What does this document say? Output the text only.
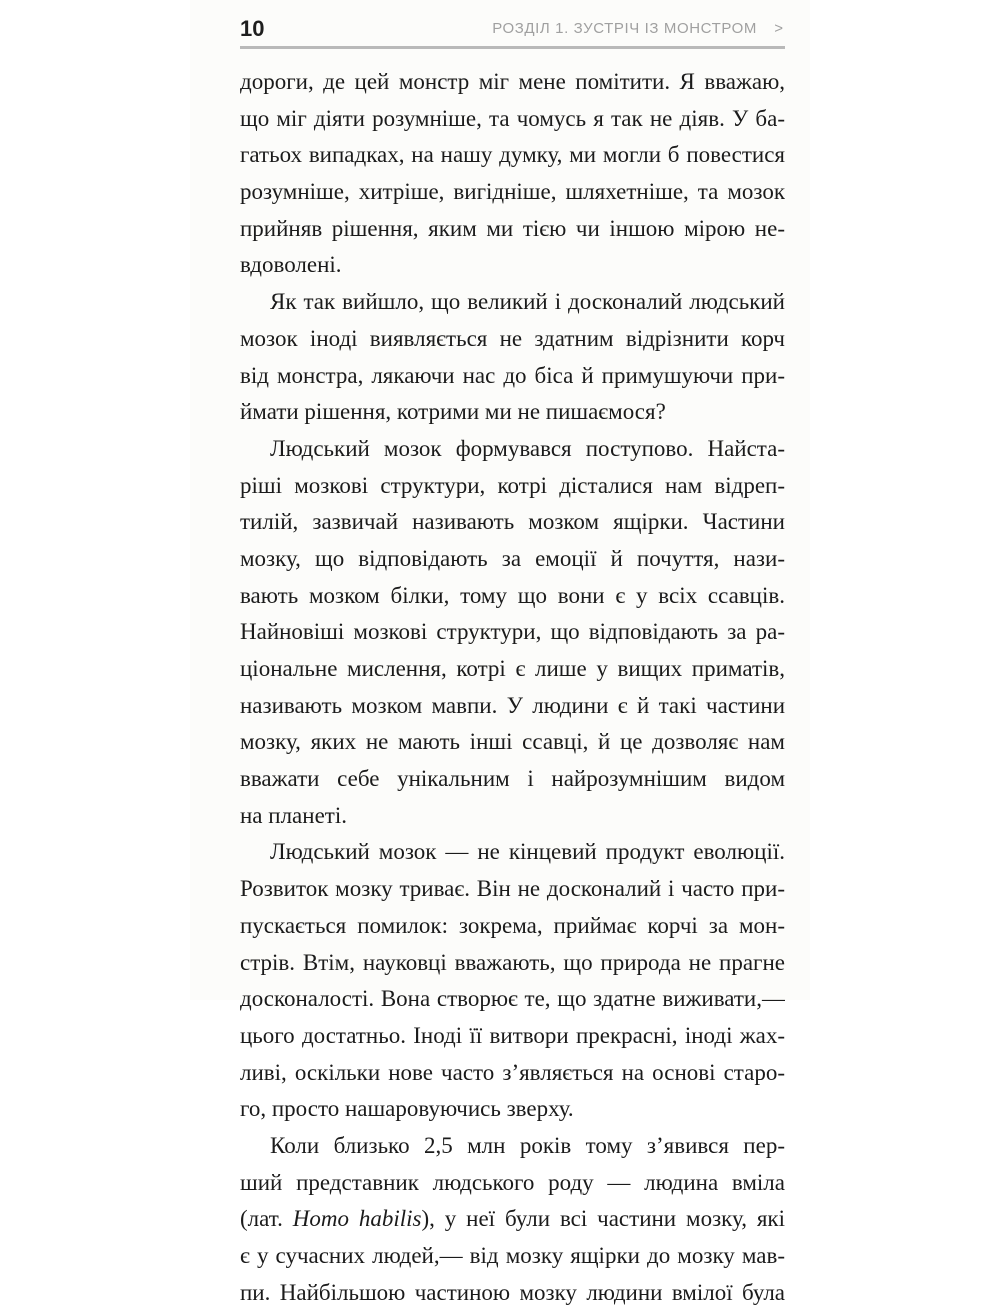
10	РОЗДІЛ 1. ЗУСТРІЧ ІЗ МОНСТРОМ >
дороги, де цей монстр міг мене помітити. Я вважаю,
що міг діяти розумніше, та чомусь я так не діяв. У ба-
гатьох випадках, на нашу думку, ми могли б повестися
розумніше, хитріше, вигідніше, шляхетніше, та мозок
прийняв рішення, яким ми тією чи іншою мірою не-
вдоволені.
Як так вийшло, що великий і досконалий людський
мозок іноді виявляється не здатним відрізнити корч
від монстра, лякаючи нас до біса й примушуючи при-
ймати рішення, котрими ми не пишаємося?
Людський мозок формувався поступово. Найста-
ріші мозкові структури, котрі дісталися нам відреп-
тилій, зазвичай називають мозком ящірки. Частини
мозку, що відповідають за емоції й почуття, нази-
вають мозком білки, тому що вони є у всіх ссавців.
Найновіші мозкові структури, що відповідають за ра-
ціональне мислення, котрі є лише у вищих приматів,
називають мозком мавпи. У людини є й такі частини
мозку, яких не мають інші ссавці, й це дозволяє нам
вважати себе унікальним і найрозумнішим видом
на планеті.
Людський мозок — не кінцевий продукт еволюції.
Розвиток мозку триває. Він не досконалий і часто при-
пускається помилок: зокрема, приймає корчі за мон-
стрів. Втім, науковці вважають, що природа не прагне
досконалості. Вона створює те, що здатне виживати,—
цього достатньо. Іноді її витвори прекрасні, іноді жах-
ливі, оскільки нове часто з’являється на основі старо-
го, просто нашаровуючись зверху.
Коли близько 2,5 млн років тому з’явився пер-
ший представник людського роду — людина вміла
(лат. Homo habilis), у неї були всі частини мозку, які
є у сучасних людей,— від мозку ящірки до мозку мав-
пи. Найбільшою частиною мозку людини вмілої була
